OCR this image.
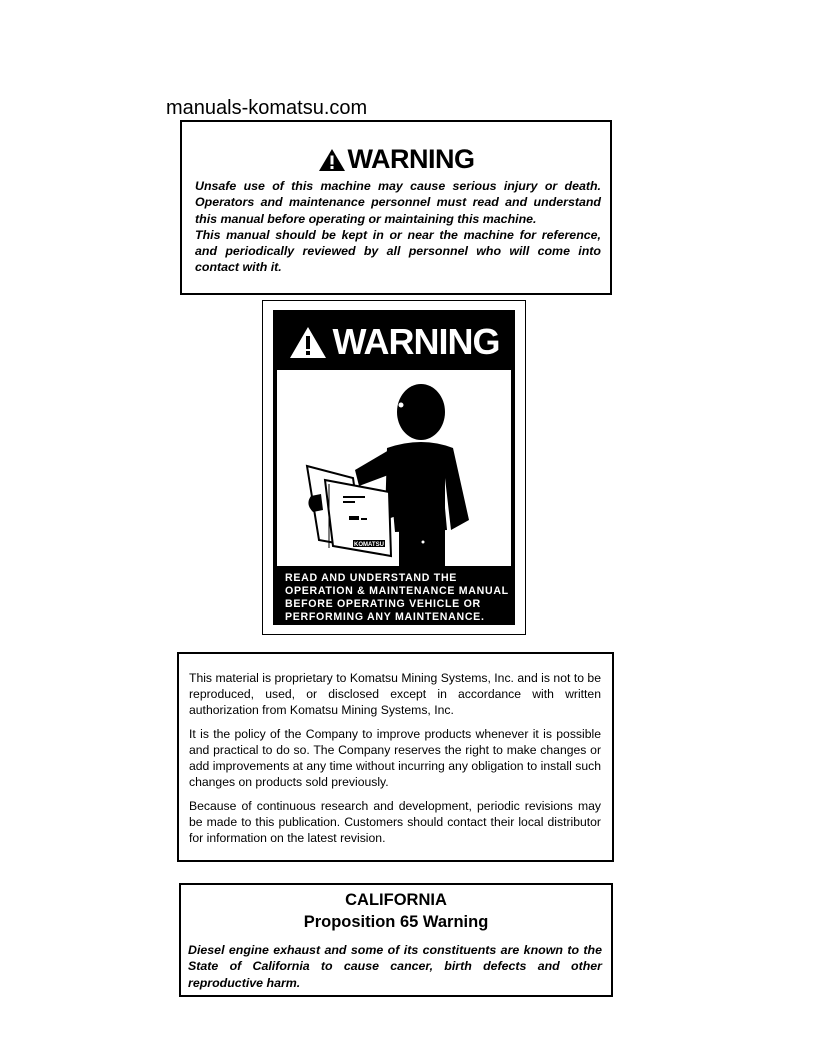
manuals-komatsu.com
WARNING

Unsafe use of this machine may cause serious injury or death. Operators and maintenance personnel must read and understand this manual before operating or maintaining this machine.

This manual should be kept in or near the machine for reference, and periodically reviewed by all personnel who will come into contact with it.

WARNING
KOMATSU
READ AND UNDERSTAND THE
OPERATION & MAINTENANCE MANUAL
BEFORE OPERATING VEHICLE OR
PERFORMING ANY MAINTENANCE.

This material is proprietary to Komatsu Mining Systems, Inc. and is not to be reproduced, used, or disclosed except in accordance with written authorization from Komatsu Mining Systems, Inc.

It is the policy of the Company to improve products whenever it is possible and practical to do so. The Company reserves the right to make changes or add improvements at any time without incurring any obligation to install such changes on products sold previously.

Because of continuous research and development, periodic revisions may be made to this publication. Customers should contact their local distributor for information on the latest revision.

CALIFORNIA
Proposition 65 Warning
Diesel engine exhaust and some of its constituents are known to the State of California to cause cancer, birth defects and other reproductive harm.
